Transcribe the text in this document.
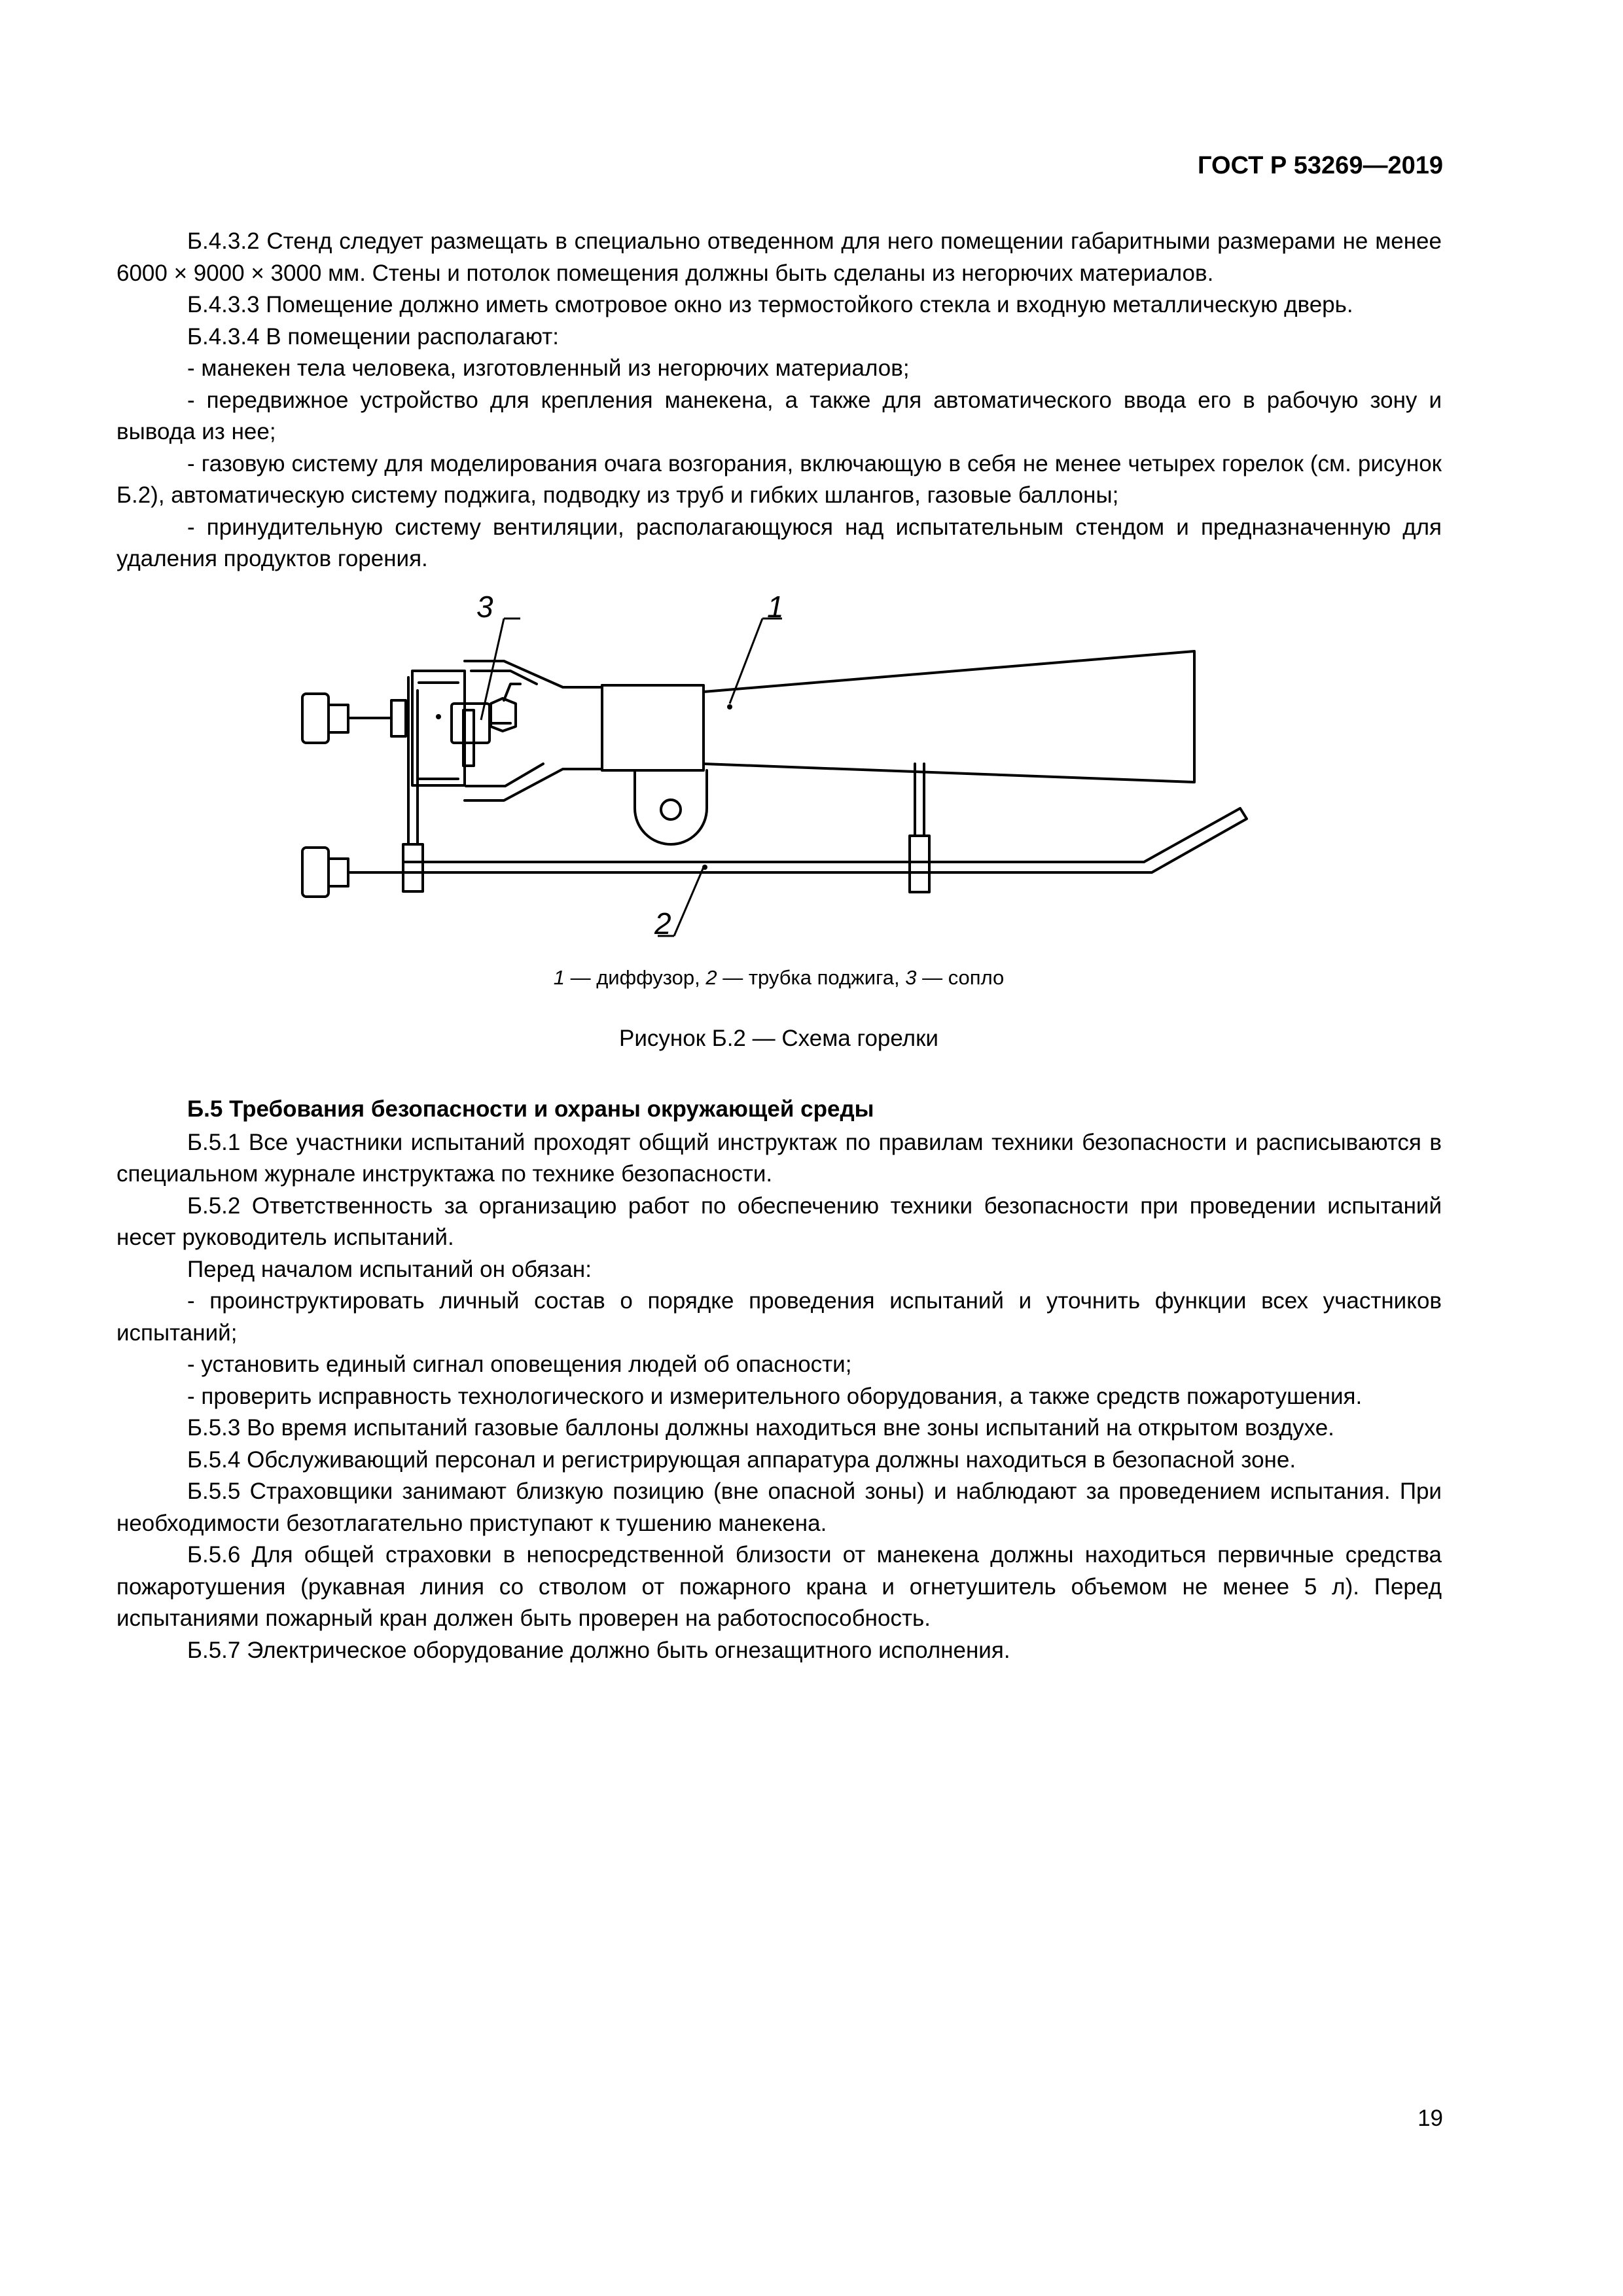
ГОСТ Р 53269—2019

Б.4.3.2 Стенд следует размещать в специально отведенном для него помещении габаритными размерами не менее 6000 × 9000 × 3000 мм. Стены и потолок помещения должны быть сделаны из негорючих материалов.

Б.4.3.3 Помещение должно иметь смотровое окно из термостойкого стекла и входную металлическую дверь.

Б.4.3.4 В помещении располагают:

- манекен тела человека, изготовленный из негорючих материалов;

- передвижное устройство для крепления манекена, а также для автоматического ввода его в рабочую зону и вывода из нее;

- газовую систему для моделирования очага возгорания, включающую в себя не менее четырех горелок (см. рисунок Б.2), автоматическую систему поджига, подводку из труб и гибких шлангов, газовые баллоны;

- принудительную систему вентиляции, располагающуюся над испытательным стендом и предназначенную для удаления продуктов горения.

3	1
2
1 — диффузор, 2 — трубка поджига, 3 — сопло
Рисунок Б.2 — Схема горелки

Б.5 Требования безопасности и охраны окружающей среды

Б.5.1 Все участники испытаний проходят общий инструктаж по правилам техники безопасности и расписываются в специальном журнале инструктажа по технике безопасности.

Б.5.2 Ответственность за организацию работ по обеспечению техники безопасности при проведении испытаний несет руководитель испытаний.

Перед началом испытаний он обязан:

- проинструктировать личный состав о порядке проведения испытаний и уточнить функции всех участников испытаний;

- установить единый сигнал оповещения людей об опасности;

- проверить исправность технологического и измерительного оборудования, а также средств пожаротушения.

Б.5.3 Во время испытаний газовые баллоны должны находиться вне зоны испытаний на открытом воздухе.

Б.5.4 Обслуживающий персонал и регистрирующая аппаратура должны находиться в безопасной зоне.

Б.5.5 Страховщики занимают близкую позицию (вне опасной зоны) и наблюдают за проведением испытания. При необходимости безотлагательно приступают к тушению манекена.

Б.5.6 Для общей страховки в непосредственной близости от манекена должны находиться первичные средства пожаротушения (рукавная линия со стволом от пожарного крана и огнетушитель объемом не менее 5 л). Перед испытаниями пожарный кран должен быть проверен на работоспособность.

Б.5.7 Электрическое оборудование должно быть огнезащитного исполнения.

19
